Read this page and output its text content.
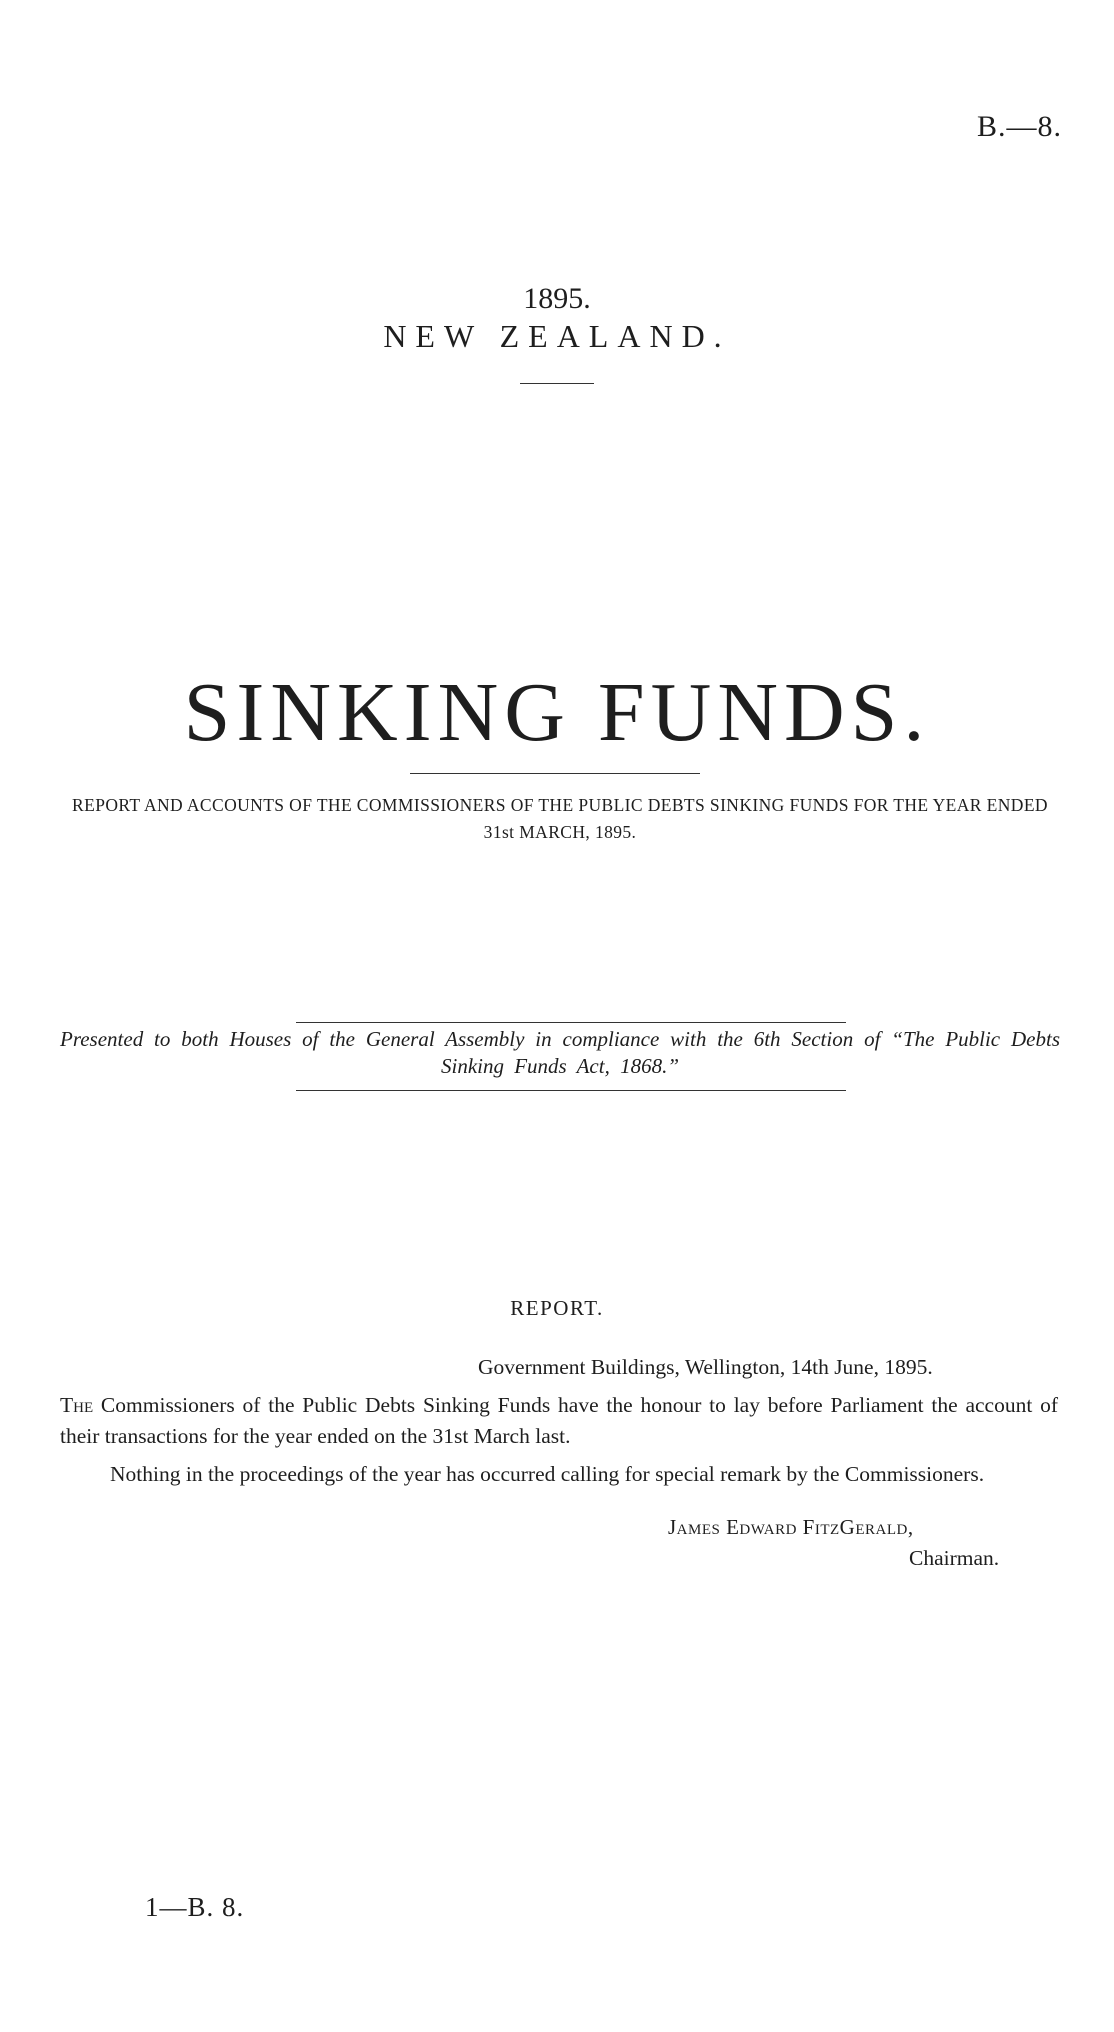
B.—8.
1895.
NEW ZEALAND.
SINKING FUNDS.
REPORT AND ACCOUNTS OF THE COMMISSIONERS OF THE PUBLIC DEBTS SINKING FUNDS FOR THE YEAR ENDED 31st MARCH, 1895.
Presented to both Houses of the General Assembly in compliance with the 6th Section of “The Public Debts Sinking Funds Act, 1868.”
REPORT.
Government Buildings, Wellington, 14th June, 1895.
The Commissioners of the Public Debts Sinking Funds have the honour to lay before Parliament the account of their transactions for the year ended on the 31st March last.
Nothing in the proceedings of the year has occurred calling for special remark by the Commissioners.
James Edward FitzGerald,
Chairman.
1—B. 8.
